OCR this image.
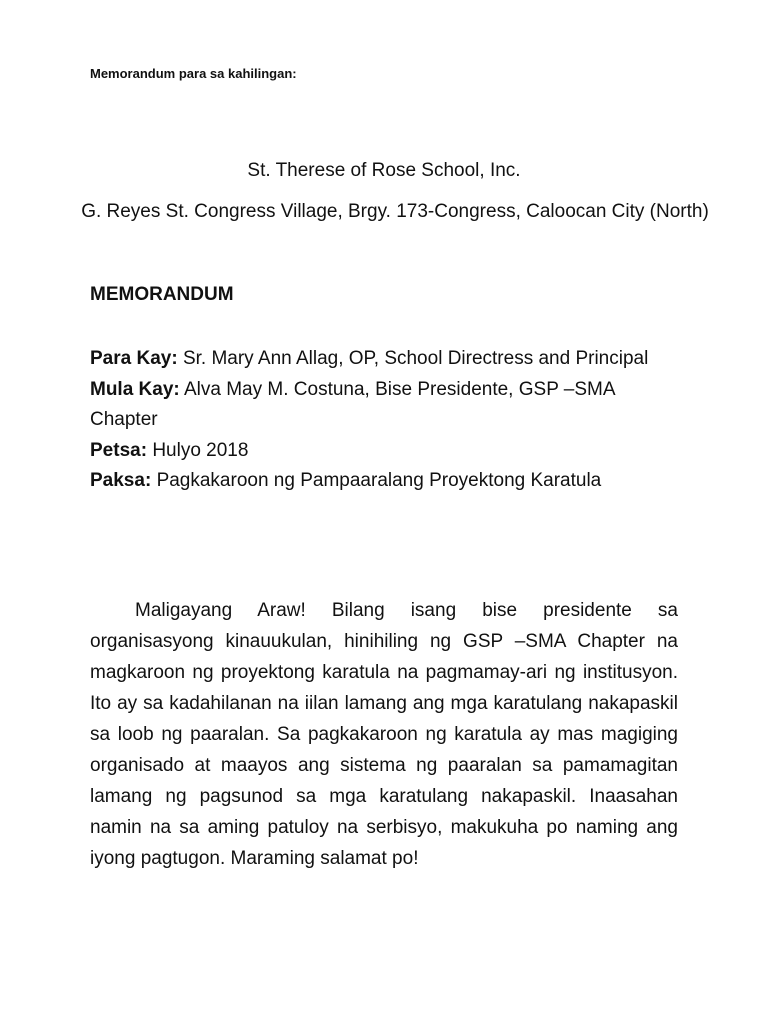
Memorandum para sa kahilingan:
St. Therese of Rose School, Inc.
G. Reyes St. Congress Village, Brgy. 173-Congress, Caloocan City (North)
MEMORANDUM

Para Kay: Sr. Mary Ann Allag, OP, School Directress and Principal

Mula Kay: Alva May M. Costuna, Bise Presidente, GSP –SMA Chapter

Petsa: Hulyo 2018

Paksa: Pagkakaroon ng Pampaaralang Proyektong Karatula

Maligayang Araw! Bilang isang bise presidente sa organisasyong kinauukulan, hinihiling ng GSP –SMA Chapter na magkaroon ng proyektong karatula na pagmamay-ari ng institusyon. Ito ay sa kadahilanan na iilan lamang ang mga karatulang nakapaskil sa loob ng paaralan. Sa pagkakaroon ng karatula ay mas magiging organisado at maayos ang sistema ng paaralan sa pamamagitan lamang ng pagsunod sa mga karatulang nakapaskil. Inaasahan namin na sa aming patuloy na serbisyo, makukuha po naming ang iyong pagtugon. Maraming salamat po!
